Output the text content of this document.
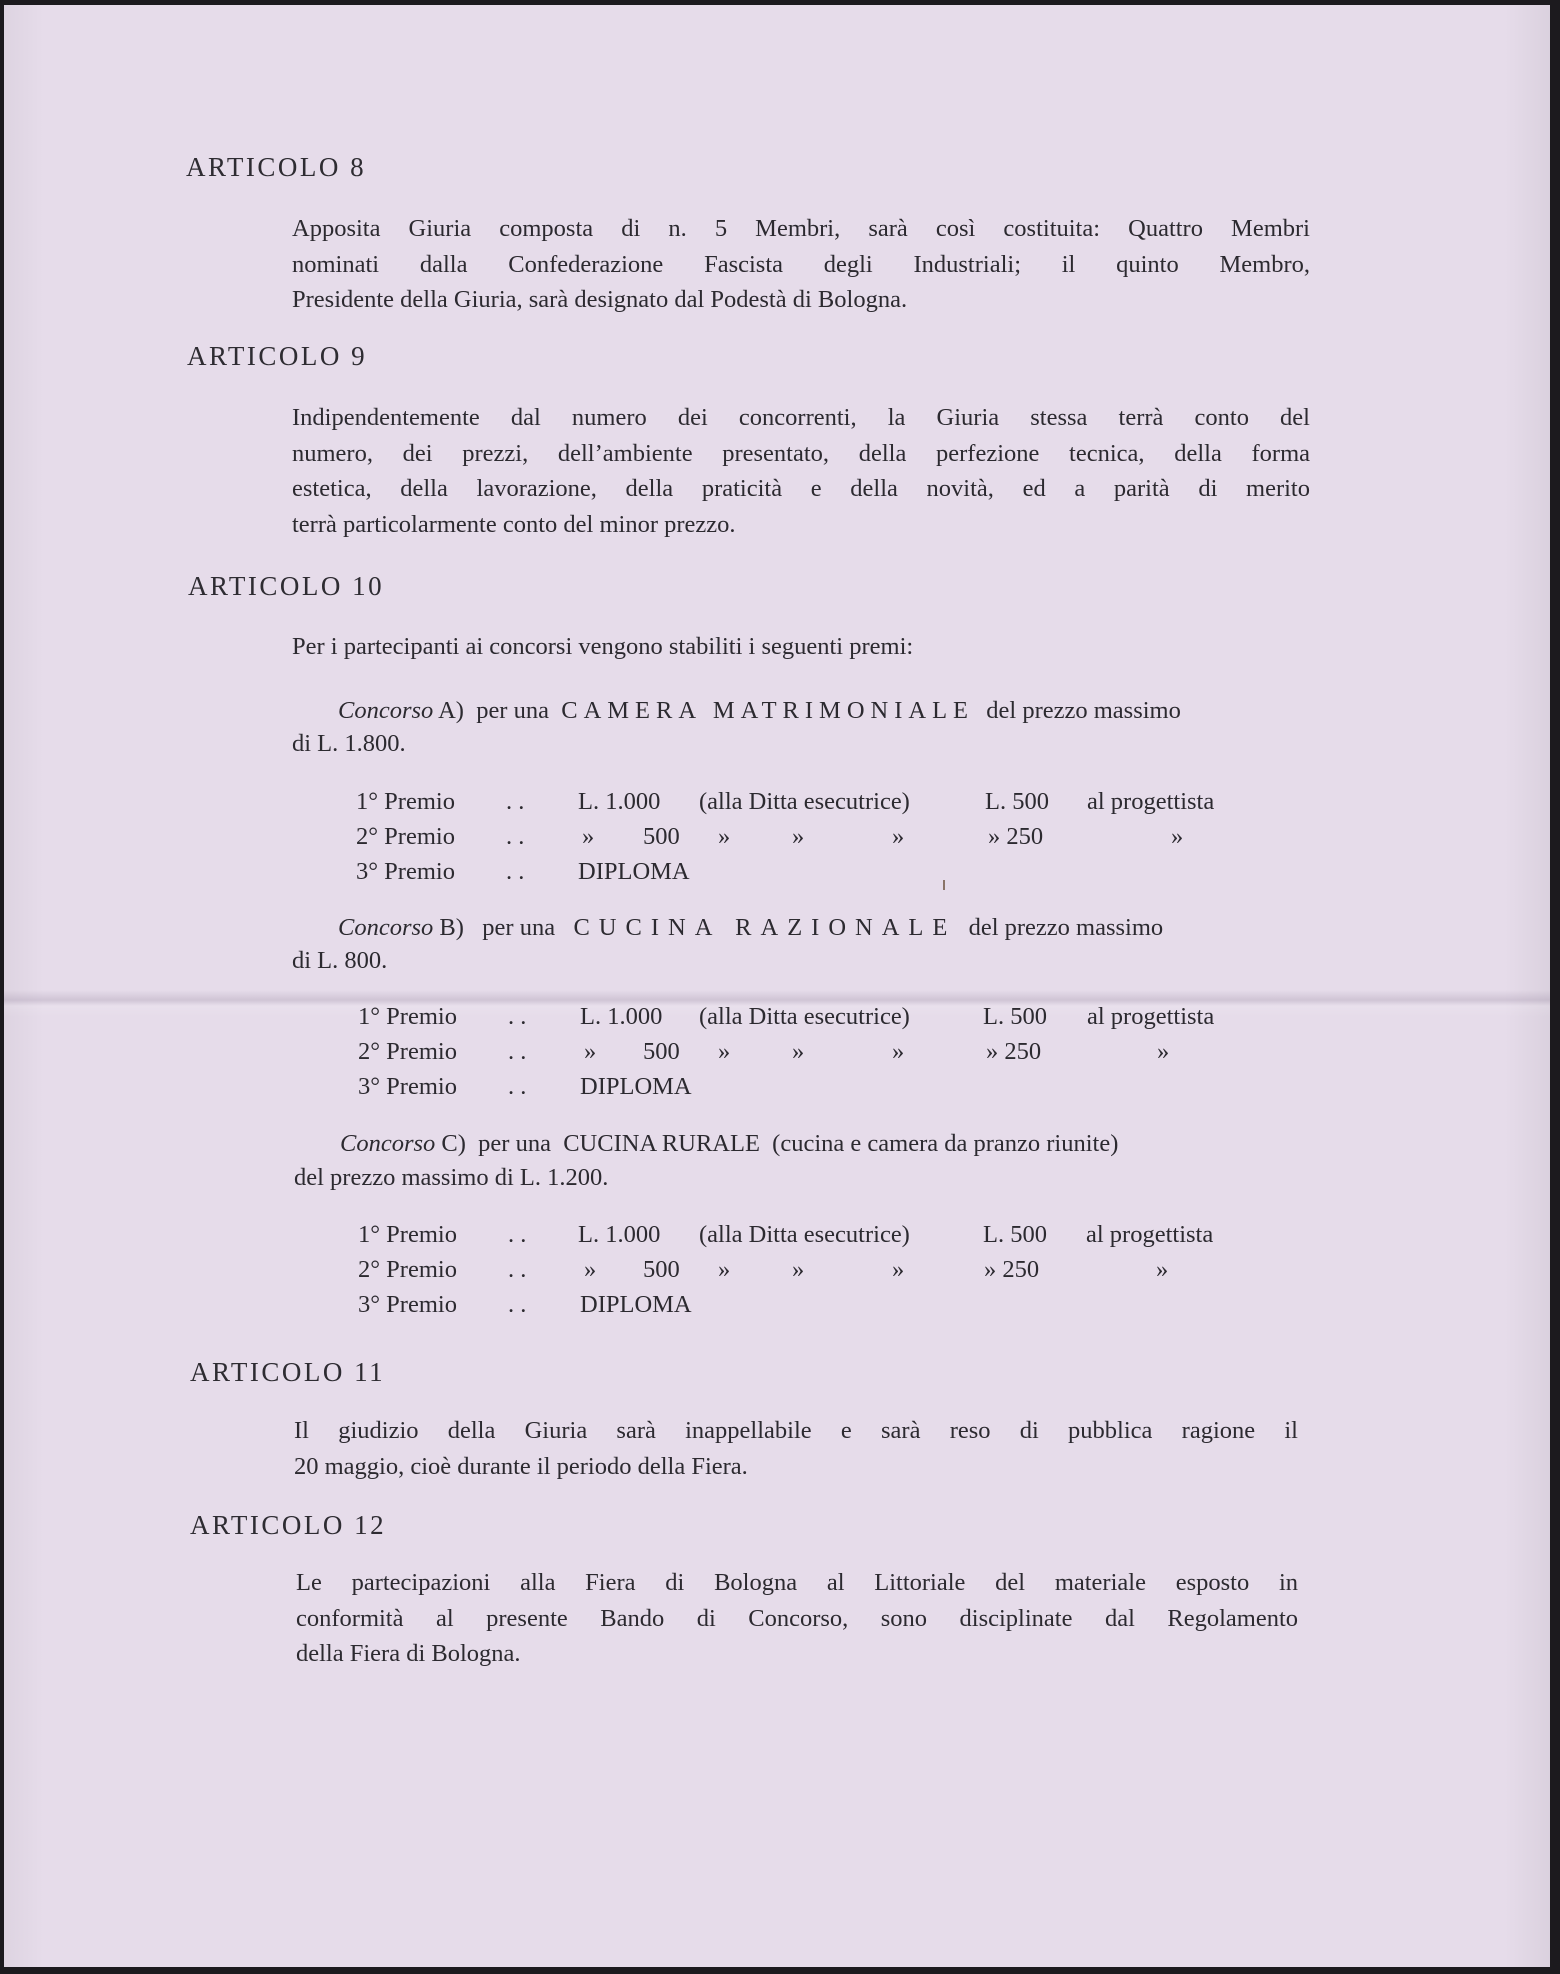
ARTICOLO 8
Apposita Giuria composta di n. 5 Membri, sarà così costituita: Quattro Membri
nominati dalla Confederazione Fascista degli Industriali; il quinto Membro,
Presidente della Giuria, sarà designato dal Podestà di Bologna.
ARTICOLO 9
Indipendentemente dal numero dei concorrenti, la Giuria stessa terrà conto del
numero, dei prezzi, dell’ambiente presentato, della perfezione tecnica, della forma
estetica, della lavorazione, della praticità e della novità, ed a parità di merito
terrà particolarmente conto del minor prezzo.
ARTICOLO 10
Per i partecipanti ai concorsi vengono stabiliti i seguenti premi:
Concorso A) per una CAMERA MATRIMONIALE del prezzo massimo
di L. 1.800.
1° Premio . . L. 1.000 (alla Ditta esecutrice)	L. 500 al progettista
2° Premio . . » 500 »	»	»	» 250	»
3° Premio . . DIPLOMA
Concorso B) per una CUCINA RAZIONALE del prezzo massimo
di L. 800.
1° Premio . . L. 1.000 (alla Ditta esecutrice)	L. 500 al progettista
2° Premio . . » 500 »	»	»	» 250	»
3° Premio . . DIPLOMA
Concorso C) per una CUCINA RURALE (cucina e camera da pranzo riunite)
del prezzo massimo di L. 1.200.
1° Premio . . L. 1.000 (alla Ditta esecutrice)	L. 500 al progettista
2° Premio . . » 500 »	»	»	» 250	»
3° Premio . . DIPLOMA
ARTICOLO 11
Il giudizio della Giuria sarà inappellabile e sarà reso di pubblica ragione il
20 maggio, cioè durante il periodo della Fiera.
ARTICOLO 12
Le partecipazioni alla Fiera di Bologna al Littoriale del materiale esposto in
conformità al presente Bando di Concorso, sono disciplinate dal Regolamento
della Fiera di Bologna.
